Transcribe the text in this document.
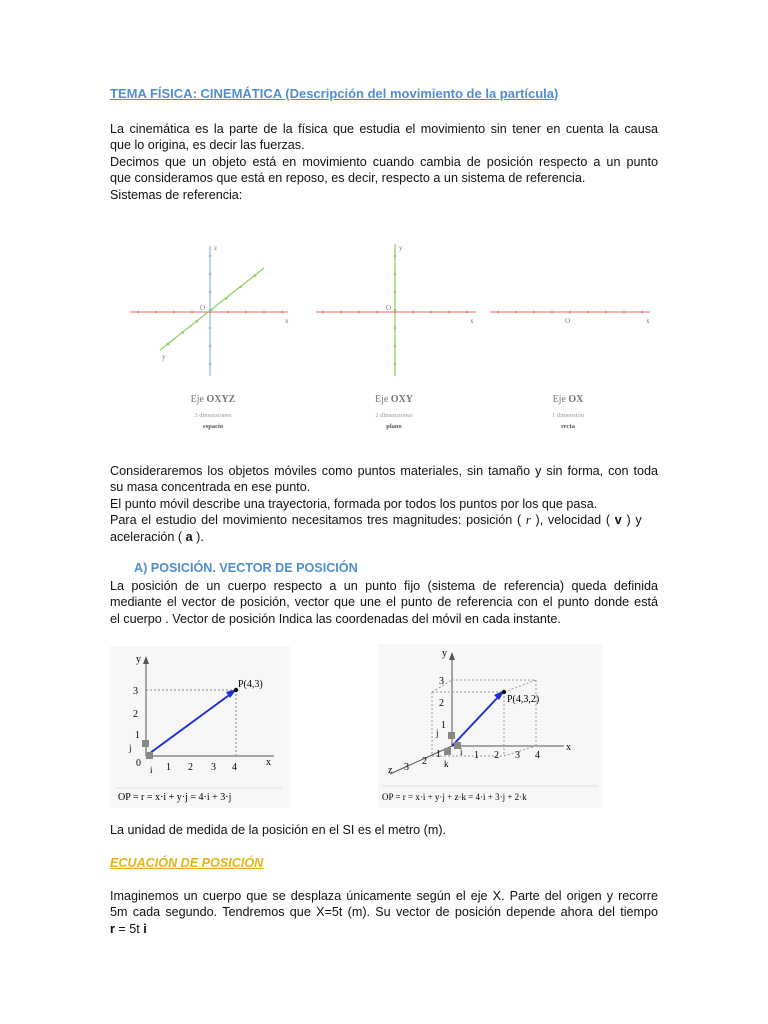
TEMA FÍSICA: CINEMÁTICA (Descripción del movimiento de la partícula)

La cinemática es la parte de la física que estudia el movimiento sin tener en cuenta la causa
que lo origina, es decir las fuerzas.
Decimos que un objeto está en movimiento cuando cambia de posición respecto a un punto
que consideramos que está en reposo, es decir, respecto a un sistema de referencia.
Sistemas de referencia:

z
y
x
O
Eje OXYZ
3 dimensiones
espacio
y
x
O
Eje OXY
2 dimensiones
plano
O	x
Eje OX
1 dimensión
recta

Consideraremos los objetos móviles como puntos materiales, sin tamaño y sin forma, con toda
su masa concentrada en ese punto.
El punto móvil describe una trayectoria, formada por todos los puntos por los que pasa.
Para el estudio del movimiento necesitamos tres magnitudes: posición ( r ), velocidad ( v ) y
aceleración ( a ).

A) POSICIÓN. VECTOR DE POSICIÓN

La posición de un cuerpo respecto a un punto fijo (sistema de referencia) queda definida
mediante el vector de posición, vector que une el punto de referencia con el punto donde está
el cuerpo . Vector de posición Indica las coordenadas del móvil en cada instante.

P(4,3)
y
x
0	1 2 3 4
1
2
3
j
i
OP = r = x·i + y·j = 4·i + 3·j
P(4,3,2)
y
x
z
1 2 3 4
1
2
3
1
2
3
j
i
k
OP = r = x·i + y·j + z·k = 4·i + 3·j + 2·k

La unidad de medida de la posición en el SI es el metro (m).

ECUACIÓN DE POSICIÓN

Imaginemos un cuerpo que se desplaza únicamente según el eje X. Parte del origen y recorre
5m cada segundo. Tendremos que X=5t (m). Su vector de posición depende ahora del tiempo
r = 5t i
